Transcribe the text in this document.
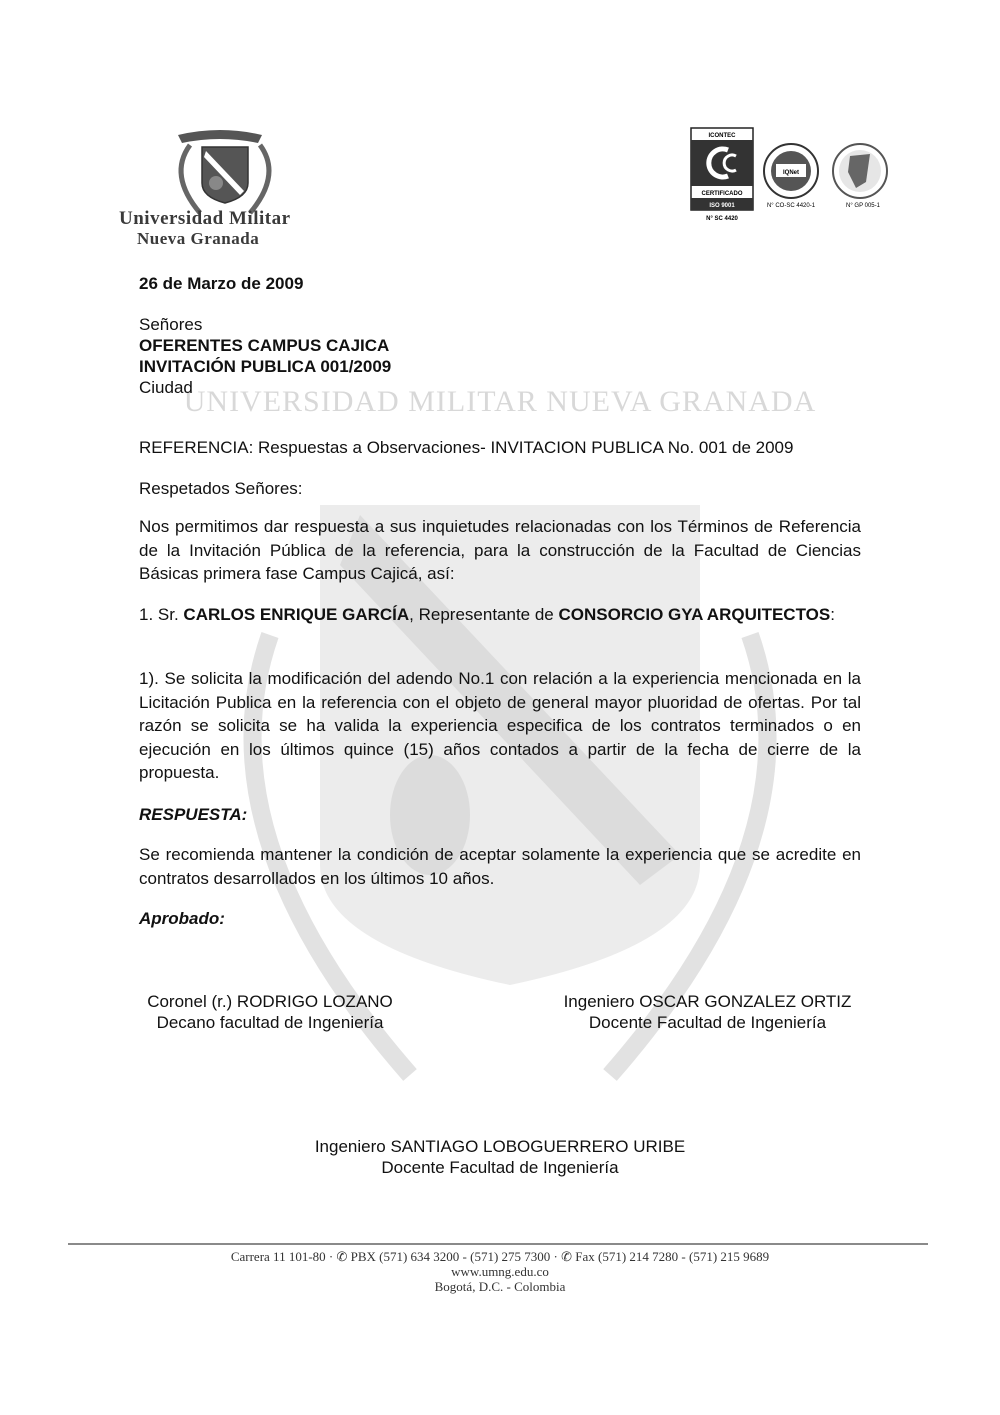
UNIVERSIDAD MILITAR NUEVA GRANADA
Universidad Militar
Nueva Granada
ICONTEC
CERTIFICADO
ISO 9001
N° SC 4420
IQNet
N° CO-SC 4420-1	N° GP 005-1
26 de Marzo de 2009
Señores
OFERENTES CAMPUS CAJICA
INVITACIÓN PUBLICA 001/2009
Ciudad
REFERENCIA: Respuestas a Observaciones- INVITACION PUBLICA No. 001 de 2009
Respetados Señores:
Nos permitimos dar respuesta a sus inquietudes relacionadas con los Términos de Referencia de la Invitación Pública de la referencia, para la construcción de la Facultad de Ciencias Básicas primera fase Campus Cajicá, así:
1. Sr. CARLOS ENRIQUE GARCÍA, Representante de CONSORCIO GYA ARQUITECTOS:
1). Se solicita la modificación del adendo No.1 con relación a la experiencia mencionada en la Licitación Publica en la referencia con el objeto de general mayor pluoridad de ofertas. Por tal razón se solicita se ha valida la experiencia especifica de los contratos terminados o en ejecución en los últimos quince (15) años contados a partir de la fecha de cierre de la propuesta.
RESPUESTA:
Se recomienda mantener la condición de aceptar solamente la experiencia que se acredite en contratos desarrollados en los últimos 10 años.
Aprobado:
Coronel (r.) RODRIGO LOZANO
Decano facultad de Ingeniería
Ingeniero OSCAR GONZALEZ ORTIZ
Docente Facultad de Ingeniería
Ingeniero SANTIAGO LOBOGUERRERO URIBE
Docente Facultad de Ingeniería
Carrera 11 101-80 · ✆ PBX (571) 634 3200 - (571) 275 7300 · ✆ Fax (571) 214 7280 - (571) 215 9689
www.umng.edu.co
Bogotá, D.C. - Colombia
